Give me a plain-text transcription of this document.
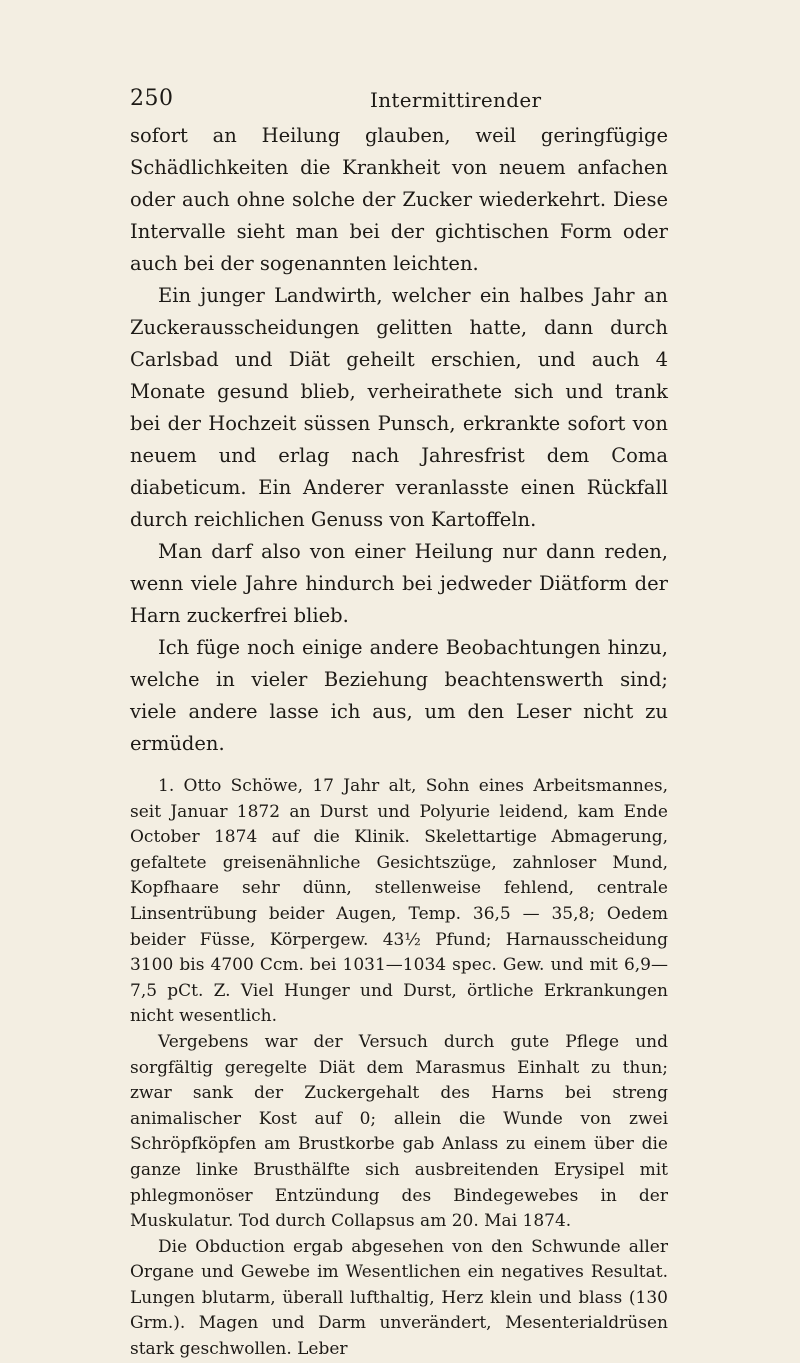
250	Intermittirender

sofort an Heilung glauben, weil geringfügige Schädlichkeiten die Krankheit von neuem anfachen oder auch ohne solche der Zucker wiederkehrt. Diese Intervalle sieht man bei der gichtischen Form oder auch bei der sogenannten leichten.

Ein junger Landwirth, welcher ein halbes Jahr an Zuckerausscheidungen gelitten hatte, dann durch Carlsbad und Diät geheilt erschien, und auch 4 Monate gesund blieb, verheirathete sich und trank bei der Hochzeit süssen Punsch, erkrankte sofort von neuem und erlag nach Jahresfrist dem Coma diabeticum. Ein Anderer veranlasste einen Rückfall durch reichlichen Genuss von Kartoffeln.

Man darf also von einer Heilung nur dann reden, wenn viele Jahre hindurch bei jedweder Diätform der Harn zuckerfrei blieb.

Ich füge noch einige andere Beobachtungen hinzu, welche in vieler Beziehung beachtenswerth sind; viele andere lasse ich aus, um den Leser nicht zu ermüden.

1. Otto Schöwe, 17 Jahr alt, Sohn eines Arbeitsmannes, seit Januar 1872 an Durst und Polyurie leidend, kam Ende October 1874 auf die Klinik. Skelettartige Abmagerung, gefaltete greisenähnliche Gesichtszüge, zahnloser Mund, Kopfhaare sehr dünn, stellenweise fehlend, centrale Linsentrübung beider Augen, Temp. 36,5 — 35,8; Oedem beider Füsse, Körpergew. 43½ Pfund; Harnausscheidung 3100 bis 4700 Ccm. bei 1031—1034 spec. Gew. und mit 6,9—7,5 pCt. Z. Viel Hunger und Durst, örtliche Erkrankungen nicht wesentlich.

Vergebens war der Versuch durch gute Pflege und sorgfältig geregelte Diät dem Marasmus Einhalt zu thun; zwar sank der Zuckergehalt des Harns bei streng animalischer Kost auf 0; allein die Wunde von zwei Schröpfköpfen am Brustkorbe gab Anlass zu einem über die ganze linke Brusthälfte sich ausbreitenden Erysipel mit phlegmonöser Entzündung des Bindegewebes in der Muskulatur. Tod durch Collapsus am 20. Mai 1874.

Die Obduction ergab abgesehen von den Schwunde aller Organe und Gewebe im Wesentlichen ein negatives Resultat. Lungen blutarm, überall lufthaltig, Herz klein und blass (130 Grm.). Magen und Darm unverändert, Mesenterialdrüsen stark geschwollen. Leber
